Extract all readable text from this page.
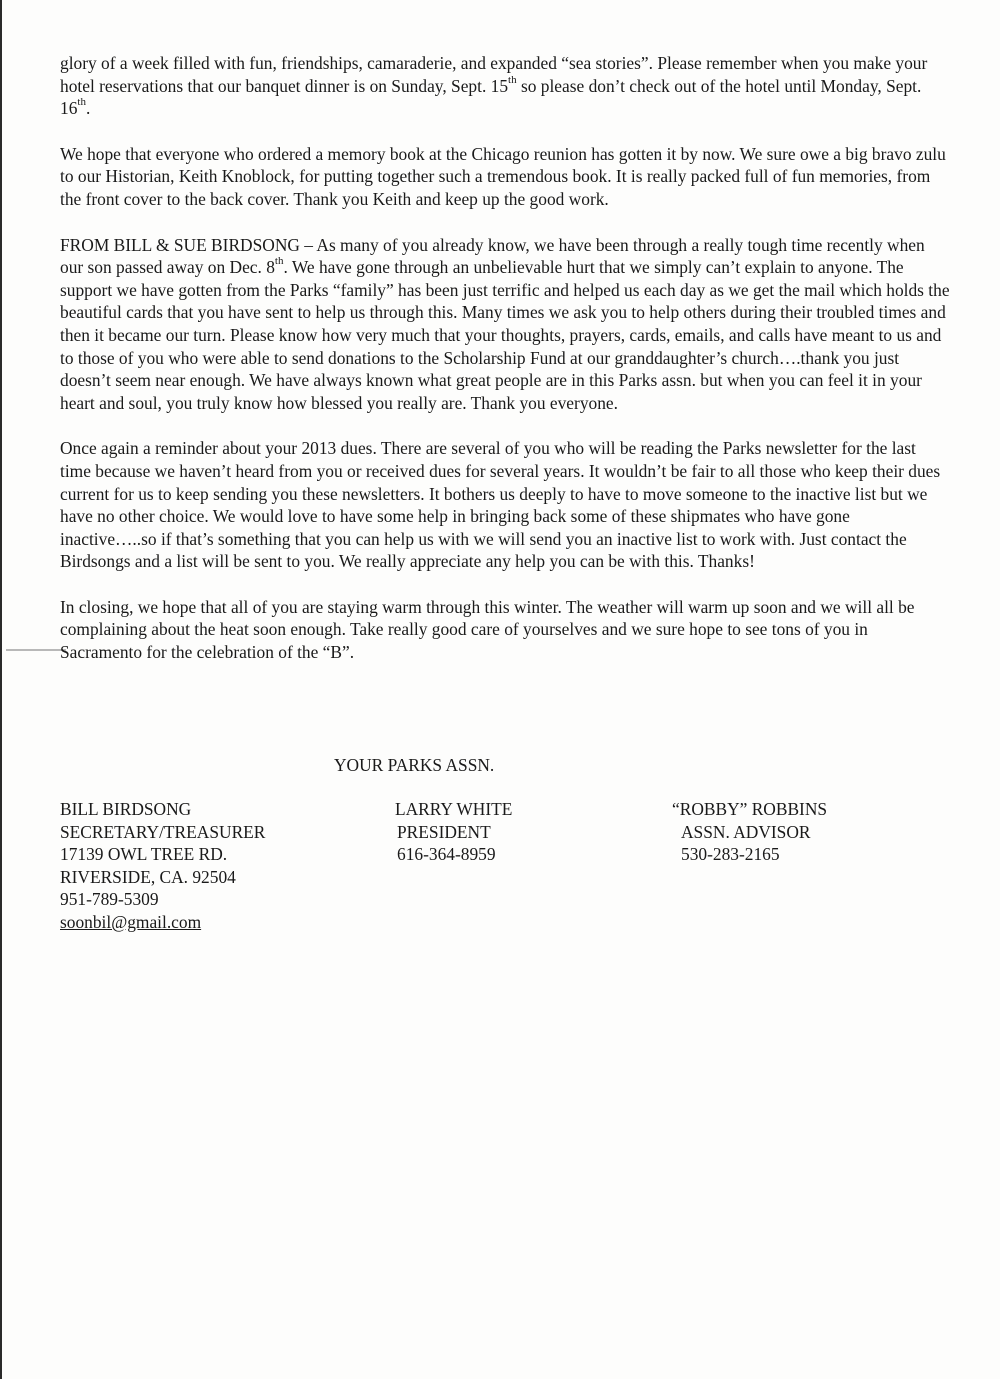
glory of a week filled with fun, friendships, camaraderie, and expanded “sea stories”. Please remember when you make your hotel reservations that our banquet dinner is on Sunday, Sept. 15th so please don’t check out of the hotel until Monday, Sept. 16th.

We hope that everyone who ordered a memory book at the Chicago reunion has gotten it by now. We sure owe a big bravo zulu to our Historian, Keith Knoblock, for putting together such a tremendous book. It is really packed full of fun memories, from the front cover to the back cover. Thank you Keith and keep up the good work.

FROM BILL & SUE BIRDSONG – As many of you already know, we have been through a really tough time recently when our son passed away on Dec. 8th. We have gone through an unbelievable hurt that we simply can’t explain to anyone. The support we have gotten from the Parks “family” has been just terrific and helped us each day as we get the mail which holds the beautiful cards that you have sent to help us through this. Many times we ask you to help others during their troubled times and then it became our turn. Please know how very much that your thoughts, prayers, cards, emails, and calls have meant to us and to those of you who were able to send donations to the Scholarship Fund at our granddaughter’s church….thank you just doesn’t seem near enough. We have always known what great people are in this Parks assn. but when you can feel it in your heart and soul, you truly know how blessed you really are. Thank you everyone.

Once again a reminder about your 2013 dues. There are several of you who will be reading the Parks newsletter for the last time because we haven’t heard from you or received dues for several years. It wouldn’t be fair to all those who keep their dues current for us to keep sending you these newsletters. It bothers us deeply to have to move someone to the inactive list but we have no other choice. We would love to have some help in bringing back some of these shipmates who have gone inactive…..so if that’s something that you can help us with we will send you an inactive list to work with. Just contact the Birdsongs and a list will be sent to you. We really appreciate any help you can be with this. Thanks!

In closing, we hope that all of you are staying warm through this winter. The weather will warm up soon and we will all be complaining about the heat soon enough. Take really good care of yourselves and we sure hope to see tons of you in Sacramento for the celebration of the “B”.

YOUR PARKS ASSN.
BILL BIRDSONG
SECRETARY/TREASURER
17139 OWL TREE RD.
RIVERSIDE, CA. 92504
951-789-5309
soonbil@gmail.com
LARRY WHITE
PRESIDENT
616-364-8959
“ROBBY” ROBBINS
ASSN. ADVISOR
530-283-2165
